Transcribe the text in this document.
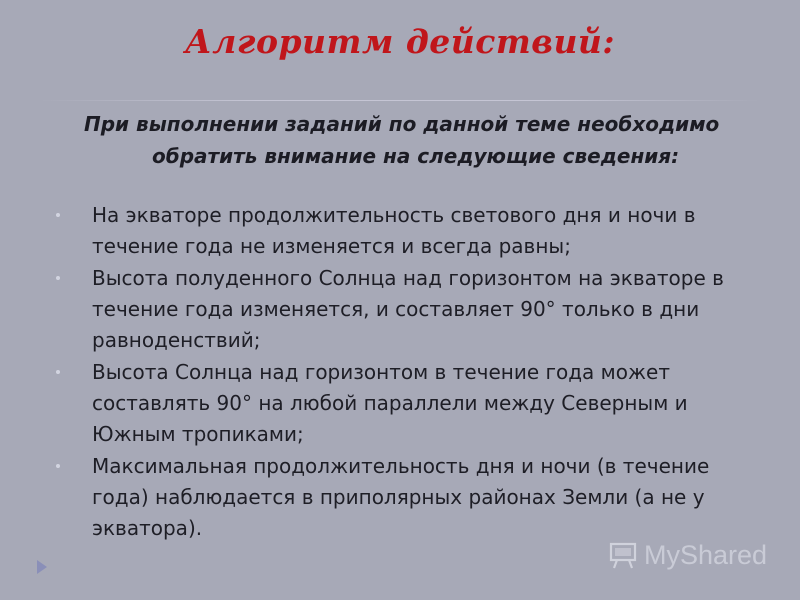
Алгоритм действий:
При выполнении заданий по данной теме необходимо
обратить внимание на следующие сведения:
На экваторе продолжительность светового дня и ночи в течение года не изменяется и всегда равны;
Высота полуденного Солнца над горизонтом на экваторе в течение года изменяется, и составляет 90° только в дни равноденствий;
Высота Солнца над горизонтом в течение года может составлять 90° на любой параллели между Северным и Южным тропиками;
Максимальная продолжительность дня и ночи (в течение года) наблюдается в приполярных районах Земли (а не у экватора).
MyShared
